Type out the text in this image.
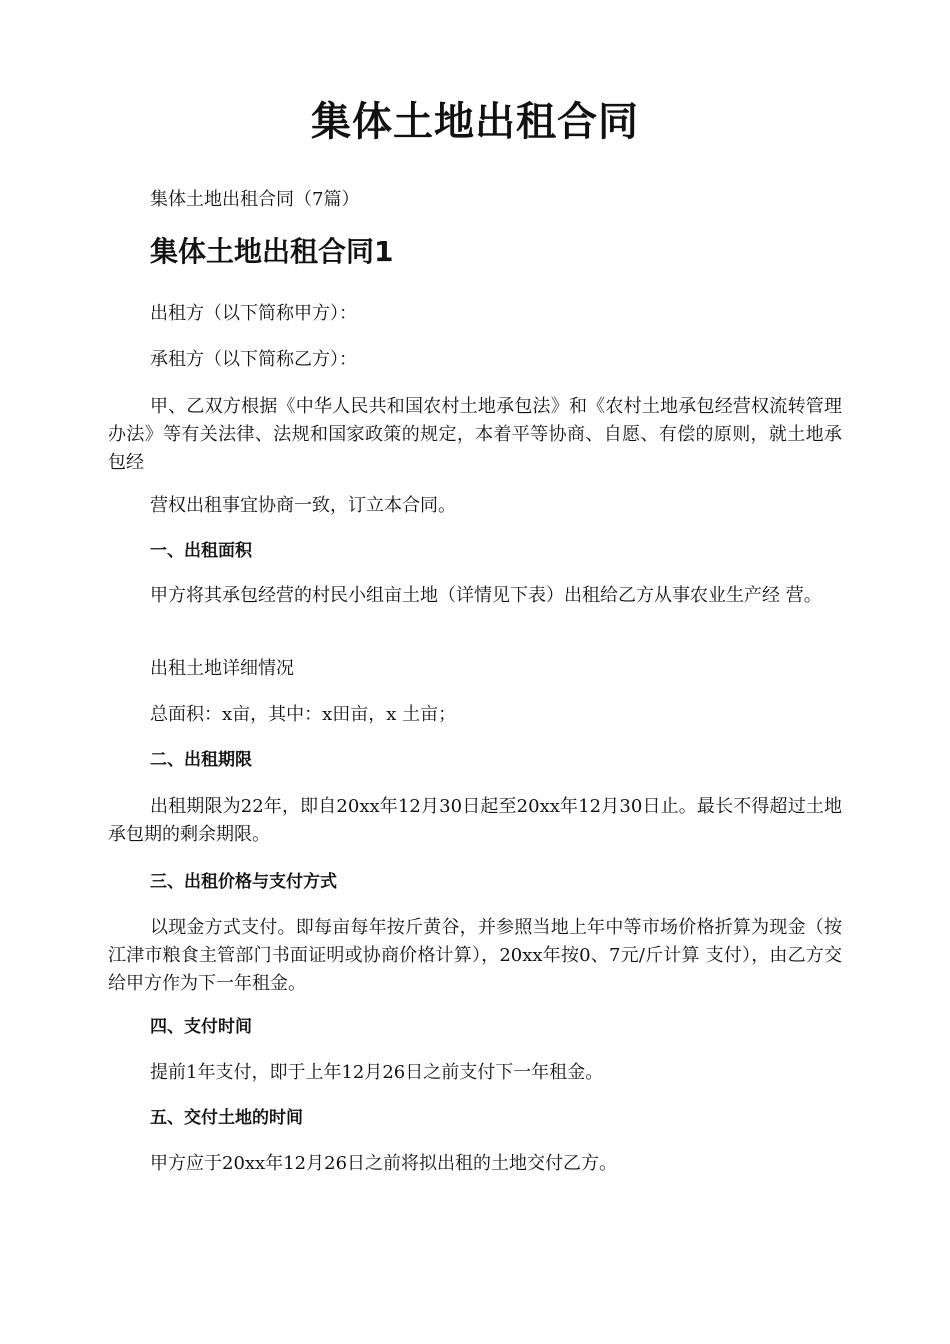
集体土地出租合同

集体土地出租合同（7篇）

集体土地出租合同1

出租方（以下简称甲方）：

承租方（以下简称乙方）：

甲、乙双方根据《中华人民共和国农村土地承包法》和《农村土地承包经营权流转管理办法》等有关法律、法规和国家政策的规定，本着平等协商、自愿、有偿的原则，就土地承包经

营权出租事宜协商一致，订立本合同。

一、出租面积

甲方将其承包经营的村民小组亩土地（详情见下表）出租给乙方从事农业生产经 营。

出租土地详细情况

总面积：x亩，其中：x田亩，x 土亩；

二、出租期限

出租期限为22年，即自20xx年12月30日起至20xx年12月30日止。最长不得超过土地承包期的剩余期限。

三、出租价格与支付方式

以现金方式支付。即每亩每年按斤黄谷，并参照当地上年中等市场价格折算为现金（按江津市粮食主管部门书面证明或协商价格计算），20xx年按0、7元/斤计算 支付），由乙方交给甲方作为下一年租金。

四、支付时间

提前1年支付，即于上年12月26日之前支付下一年租金。

五、交付土地的时间

甲方应于20xx年12月26日之前将拟出租的土地交付乙方。
